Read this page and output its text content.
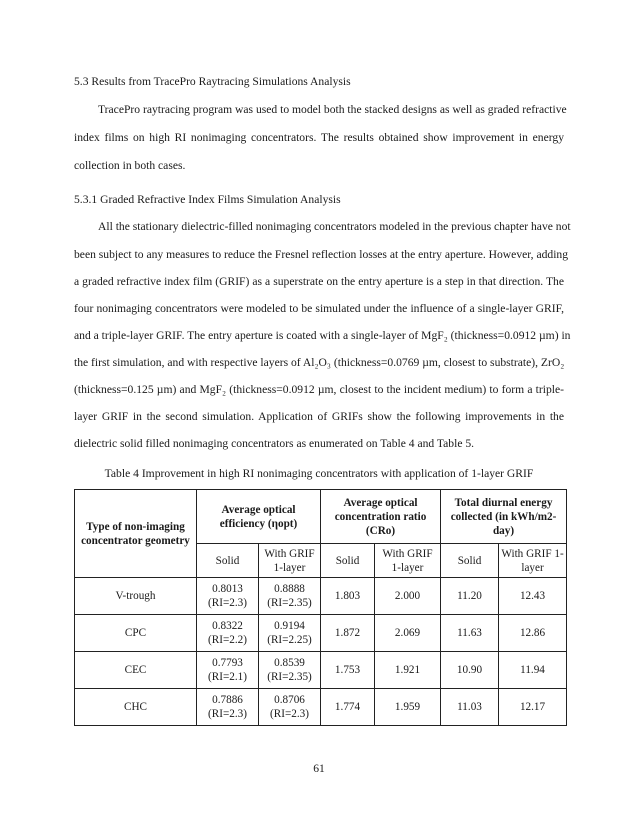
5.3 Results from TracePro Raytracing Simulations Analysis
TracePro raytracing program was used to model both the stacked designs as well as graded refractive
index films on high RI nonimaging concentrators. The results obtained show improvement in energy
collection in both cases.
5.3.1 Graded Refractive Index Films Simulation Analysis
All the stationary dielectric-filled nonimaging concentrators modeled in the previous chapter have not
been subject to any measures to reduce the Fresnel reflection losses at the entry aperture. However, adding
a graded refractive index film (GRIF) as a superstrate on the entry aperture is a step in that direction. The
four nonimaging concentrators were modeled to be simulated under the influence of a single-layer GRIF,
and a triple-layer GRIF. The entry aperture is coated with a single-layer of MgF₂ (thickness=0.0912 µm) in
the first simulation, and with respective layers of Al₂O₃ (thickness=0.0769 µm, closest to substrate), ZrO₂
(thickness=0.125 µm) and MgF₂ (thickness=0.0912 µm, closest to the incident medium) to form a triple-
layer GRIF in the second simulation. Application of GRIFs show the following improvements in the
dielectric solid filled nonimaging concentrators as enumerated on Table 4 and Table 5.
Table 4 Improvement in high RI nonimaging concentrators with application of 1-layer GRIF
Type of non-imaging concentrator geometry	Average optical efficiency (ηopt)		Average optical concentration ratio (CRo)		Total diurnal energy collected (in kWh/m2-day)	
	Solid	With GRIF 1-layer	Solid	With GRIF 1-layer	Solid	With GRIF 1-layer
V-trough	0.8013
(RI=2.3)	0.8888
(RI=2.35)	1.803	2.000	11.20	12.43
CPC	0.8322
(RI=2.2)	0.9194
(RI=2.25)	1.872	2.069	11.63	12.86
CEC	0.7793
(RI=2.1)	0.8539
(RI=2.35)	1.753	1.921	10.90	11.94
CHC	0.7886
(RI=2.3)	0.8706
(RI=2.3)	1.774	1.959	11.03	12.17
61
